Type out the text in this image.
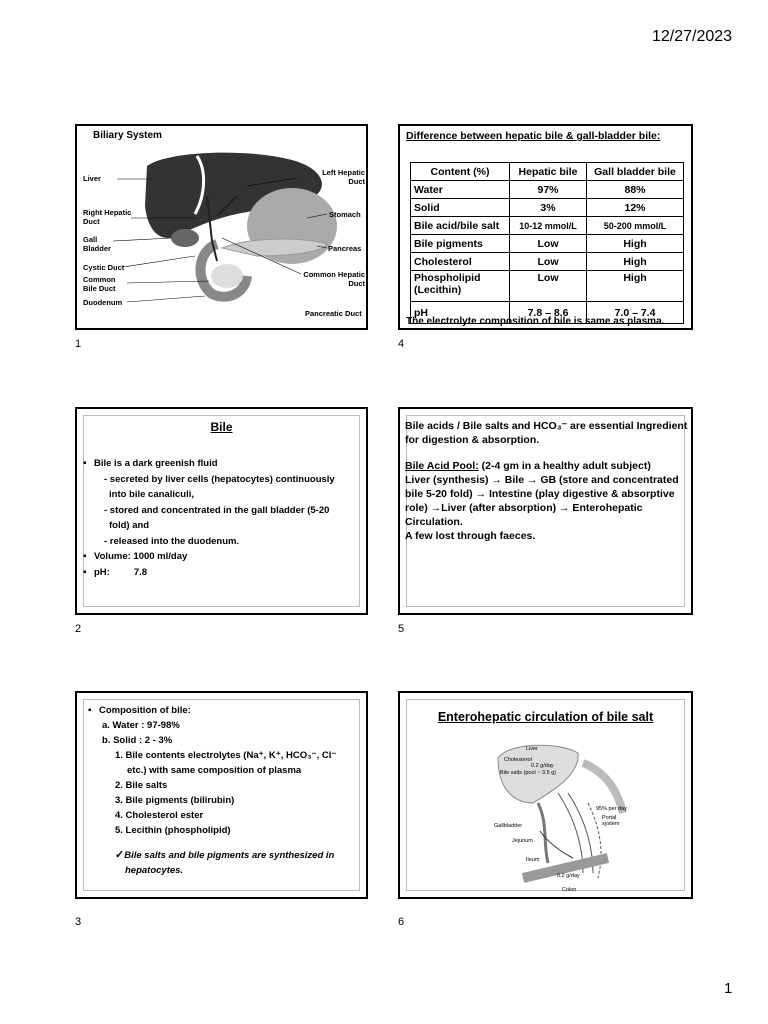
12/27/2023
Biliary System
Liver
Right Hepatic Duct
Gall Bladder
Cystic Duct
Common Bile Duct
Duodenum
Left Hepatic Duct
Stomach
Pancreas
Common Hepatic Duct
Pancreatic Duct
1
Difference between hepatic bile & gall-bladder bile:
Content (%)	Hepatic bile	Gall bladder bile
Water	97%	88%
Solid	3%	12%
Bile acid/bile salt	10-12 mmol/L	50-200 mmol/L
Bile pigments	Low	High
Cholesterol	Low	High
Phospholipid (Lecithin)	Low	High
pH	7.8 – 8.6	7.0 – 7.4
The electrolyte composition of bile is same as plasma.
4
Bile
▪ Bile is a dark greenish fluid
- secreted by liver cells (hepatocytes) continuously
into bile canaliculi,
- stored and concentrated in the gall bladder (5-20
fold) and
- released into the duodenum.
▪ Volume: 1000 ml/day
▪ pH:	7.8
2
Bile acids / Bile salts and HCO₃⁻ are essential Ingredient
for digestion & absorption.
Bile Acid Pool: (2-4 gm in a healthy adult subject)
Liver (synthesis) → Bile → GB (store and concentrated
bile 5-20 fold) → Intestine (play digestive & absorptive
role) →Liver (after absorption) → Enterohepatic
Circulation.
A few lost through faeces.
5
▪ Composition of bile:
a. Water : 97-98%
b. Solid : 2 - 3%
1. Bile contents electrolytes (Na⁺, K⁺, HCO₃⁻, Cl⁻
etc.) with same composition of plasma
2. Bile salts
3. Bile pigments (bilirubin)
4. Cholesterol ester
5. Lecithin (phospholipid)
✓Bile salts and bile pigments are synthesized in
hepatocytes.
3
Enterohepatic circulation of bile salt
Liver
Cholesterol
0.2 g/day
Bile salts (pool ~ 3.5 g)
95% per day
Portal system
Gallbladder
Jejunum
Ileum
0.2 g/day
Colon
6
1
